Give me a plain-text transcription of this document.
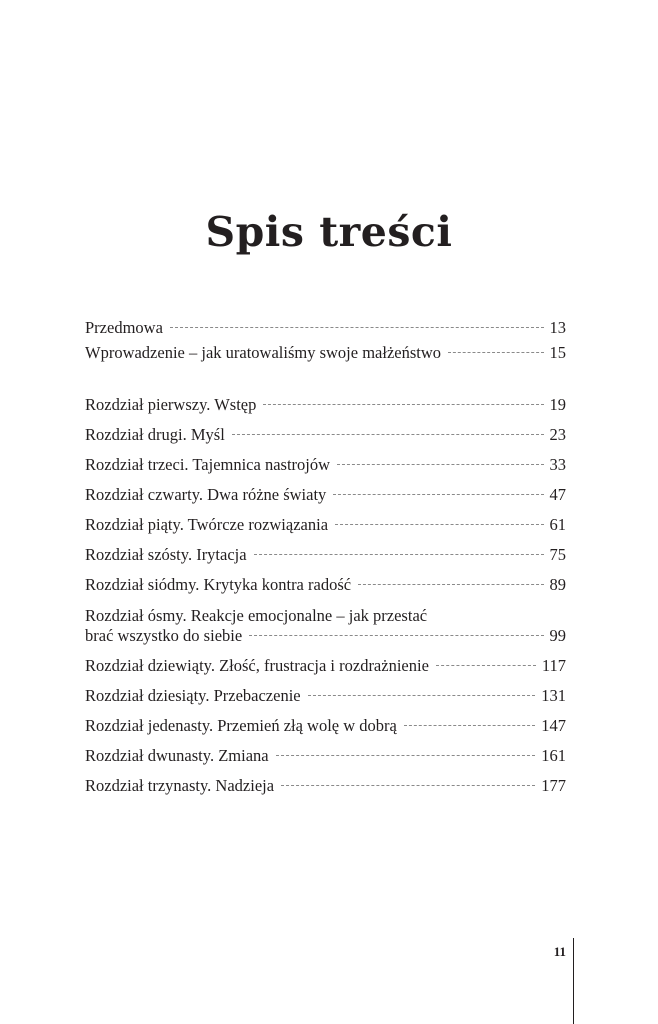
Spis treści
Przedmowa	13
Wprowadzenie – jak uratowaliśmy swoje małżeństwo	15
Rozdział pierwszy. Wstęp	19
Rozdział drugi. Myśl	23
Rozdział trzeci. Tajemnica nastrojów	33
Rozdział czwarty. Dwa różne światy	47
Rozdział piąty. Twórcze rozwiązania	61
Rozdział szósty. Irytacja	75
Rozdział siódmy. Krytyka kontra radość	89
Rozdział ósmy. Reakcje emocjonalne – jak przestać
brać wszystko do siebie	99
Rozdział dziewiąty. Złość, frustracja i rozdrażnienie	117
Rozdział dziesiąty. Przebaczenie	131
Rozdział jedenasty. Przemień złą wolę w dobrą	147
Rozdział dwunasty. Zmiana	161
Rozdział trzynasty. Nadzieja	177
11
